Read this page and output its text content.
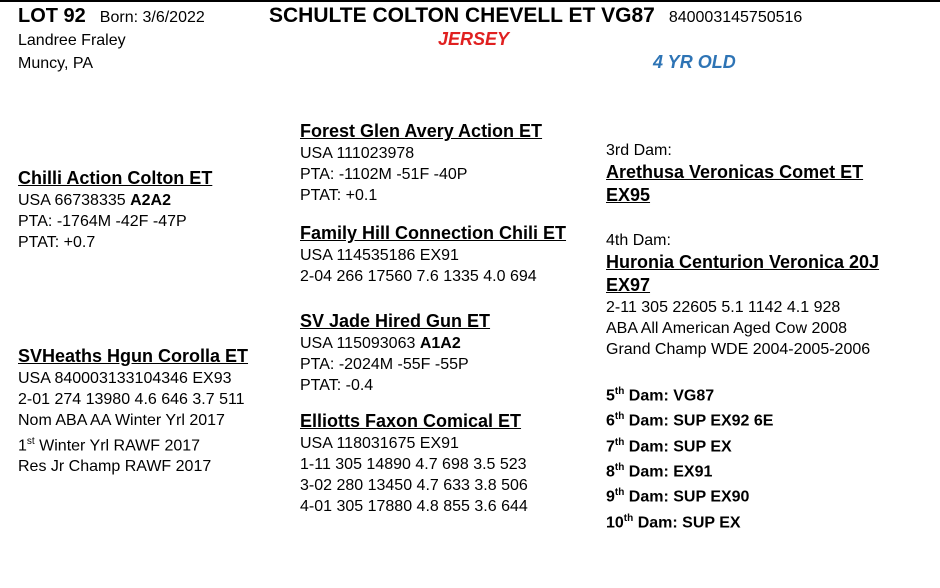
LOT 92 Born: 3/6/2022	SCHULTE COLTON CHEVELL ET VG87 840003145750516
Landree Fraley
Muncy, PA
JERSEY
4 YR OLD
Chilli Action Colton ET
USA 66738335 A2A2
PTA: -1764M -42F -47P
PTAT: +0.7
SVHeaths Hgun Corolla ET
USA 840003133104346 EX93
2-01 274 13980 4.6 646 3.7 511
Nom ABA AA Winter Yrl 2017
1st Winter Yrl RAWF 2017
Res Jr Champ RAWF 2017
Forest Glen Avery Action ET
USA 111023978
PTA: -1102M -51F -40P
PTAT: +0.1
Family Hill Connection Chili ET
USA 114535186 EX91
2-04 266 17560 7.6 1335 4.0 694
SV Jade Hired Gun ET
USA 115093063 A1A2
PTA: -2024M -55F -55P
PTAT: -0.4
Elliotts Faxon Comical ET
USA 118031675 EX91
1-11 305 14890 4.7 698 3.5 523
3-02 280 13450 4.7 633 3.8 506
4-01 305 17880 4.8 855 3.6 644
3rd Dam:
Arethusa Veronicas Comet ET
EX95
4th Dam:
Huronia Centurion Veronica 20J
EX97
2-11 305 22605 5.1 1142 4.1 928
ABA All American Aged Cow 2008
Grand Champ WDE 2004-2005-2006
5th Dam: VG87
6th Dam: SUP EX92 6E
7th Dam: SUP EX
8th Dam: EX91
9th Dam: SUP EX90
10th Dam: SUP EX
